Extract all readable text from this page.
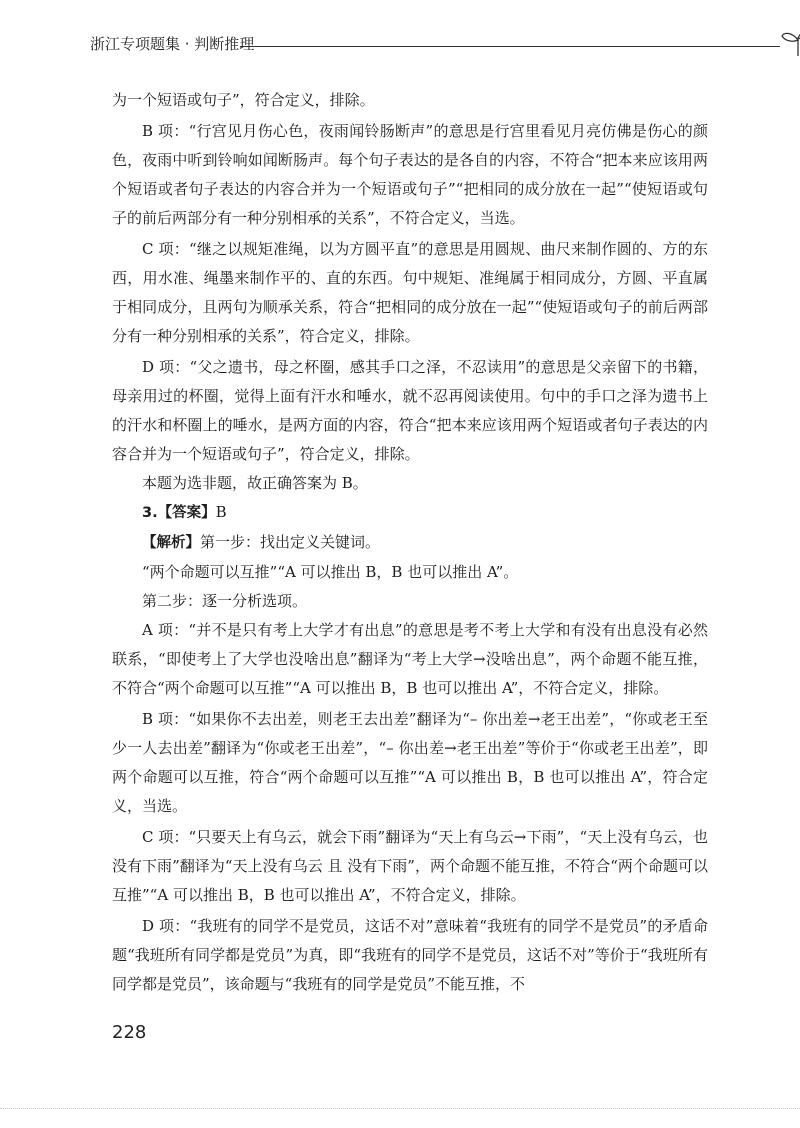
浙江专项题集 · 判断推理

为一个短语或句子”，符合定义，排除。

B 项：“行宫见月伤心色，夜雨闻铃肠断声”的意思是行宫里看见月亮仿佛是伤心的颜色，夜雨中听到铃响如闻断肠声。每个句子表达的是各自的内容，不符合“把本来应该用两个短语或者句子表达的内容合并为一个短语或句子”“把相同的成分放在一起”“使短语或句子的前后两部分有一种分别相承的关系”，不符合定义，当选。

C 项：“继之以规矩准绳，以为方圆平直”的意思是用圆规、曲尺来制作圆的、方的东西，用水准、绳墨来制作平的、直的东西。句中规矩、准绳属于相同成分，方圆、平直属于相同成分，且两句为顺承关系，符合“把相同的成分放在一起”“使短语或句子的前后两部分有一种分别相承的关系”，符合定义，排除。

D 项：“父之遗书，母之杯圈，感其手口之泽，不忍读用”的意思是父亲留下的书籍，母亲用过的杯圈，觉得上面有汗水和唾水，就不忍再阅读使用。句中的手口之泽为遗书上的汗水和杯圈上的唾水，是两方面的内容，符合“把本来应该用两个短语或者句子表达的内容合并为一个短语或句子”，符合定义，排除。

本题为选非题，故正确答案为 B。

3.【答案】B

【解析】第一步：找出定义关键词。

“两个命题可以互推”“A 可以推出 B，B 也可以推出 A”。

第二步：逐一分析选项。

A 项：“并不是只有考上大学才有出息”的意思是考不考上大学和有没有出息没有必然联系，“即使考上了大学也没啥出息”翻译为“考上大学→没啥出息”，两个命题不能互推，不符合“两个命题可以互推”“A 可以推出 B，B 也可以推出 A”，不符合定义，排除。

B 项：“如果你不去出差，则老王去出差”翻译为“– 你出差→老王出差”，“你或老王至少一人去出差”翻译为“你或老王出差”，“– 你出差→老王出差”等价于“你或老王出差”，即两个命题可以互推，符合“两个命题可以互推”“A 可以推出 B，B 也可以推出 A”，符合定义，当选。

C 项：“只要天上有乌云，就会下雨”翻译为“天上有乌云→下雨”，“天上没有乌云，也没有下雨”翻译为“天上没有乌云 且 没有下雨”，两个命题不能互推，不符合“两个命题可以互推”“A 可以推出 B，B 也可以推出 A”，不符合定义，排除。

D 项：“我班有的同学不是党员，这话不对”意味着“我班有的同学不是党员”的矛盾命题“我班所有同学都是党员”为真，即“我班有的同学不是党员，这话不对”等价于“我班所有同学都是党员”，该命题与“我班有的同学是党员”不能互推，不

228
